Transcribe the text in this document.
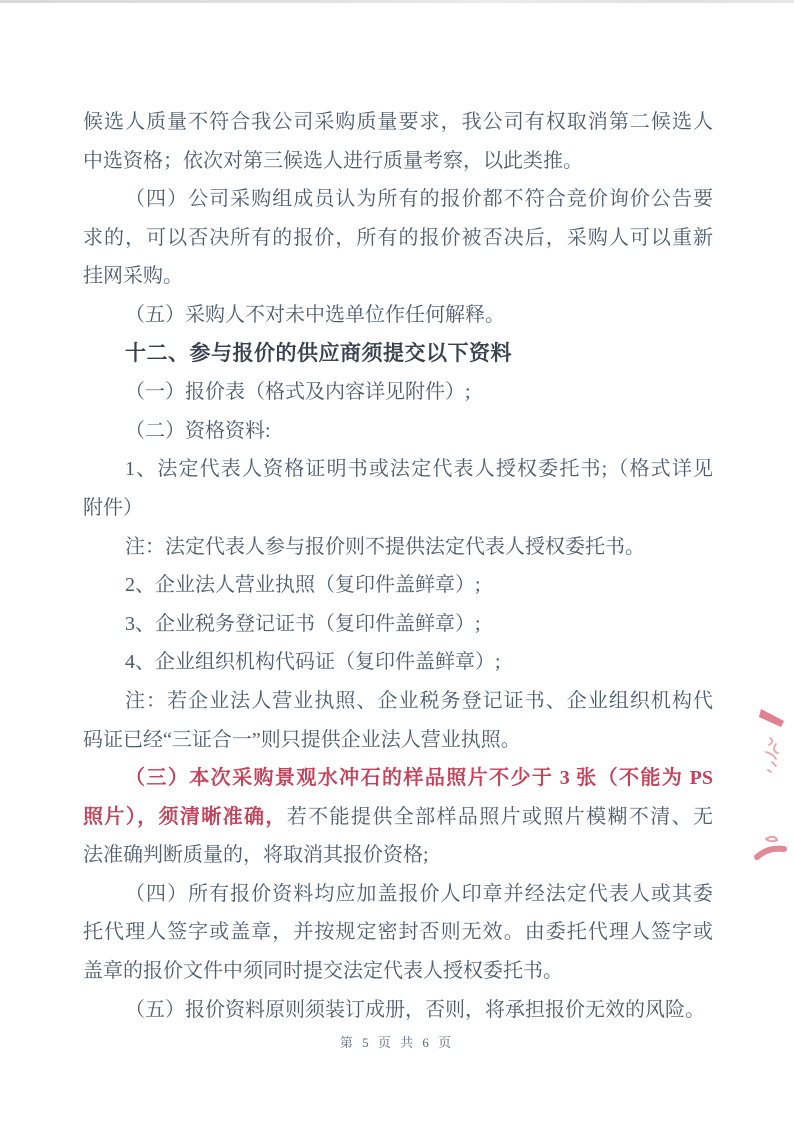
候选人质量不符合我公司采购质量要求，我公司有权取消第二候选人
中选资格；依次对第三候选人进行质量考察，以此类推。
（四）公司采购组成员认为所有的报价都不符合竞价询价公告要
求的，可以否决所有的报价，所有的报价被否决后，采购人可以重新
挂网采购。
（五）采购人不对未中选单位作任何解释。
十二、参与报价的供应商须提交以下资料
（一）报价表（格式及内容详见附件）;
（二）资格资料:
1、法定代表人资格证明书或法定代表人授权委托书;（格式详见
附件）
注：法定代表人参与报价则不提供法定代表人授权委托书。
2、企业法人营业执照（复印件盖鲜章）;
3、企业税务登记证书（复印件盖鲜章）;
4、企业组织机构代码证（复印件盖鲜章）;
注：若企业法人营业执照、企业税务登记证书、企业组织机构代
码证已经“三证合一”则只提供企业法人营业执照。
（三）本次采购景观水冲石的样品照片不少于 3 张（不能为 PS
照片），须清晰准确，若不能提供全部样品照片或照片模糊不清、无
法准确判断质量的，将取消其报价资格;
（四）所有报价资料均应加盖报价人印章并经法定代表人或其委
托代理人签字或盖章，并按规定密封否则无效。由委托代理人签字或
盖章的报价文件中须同时提交法定代表人授权委托书。
（五）报价资料原则须装订成册，否则，将承担报价无效的风险。
第 5 页 共 6 页
